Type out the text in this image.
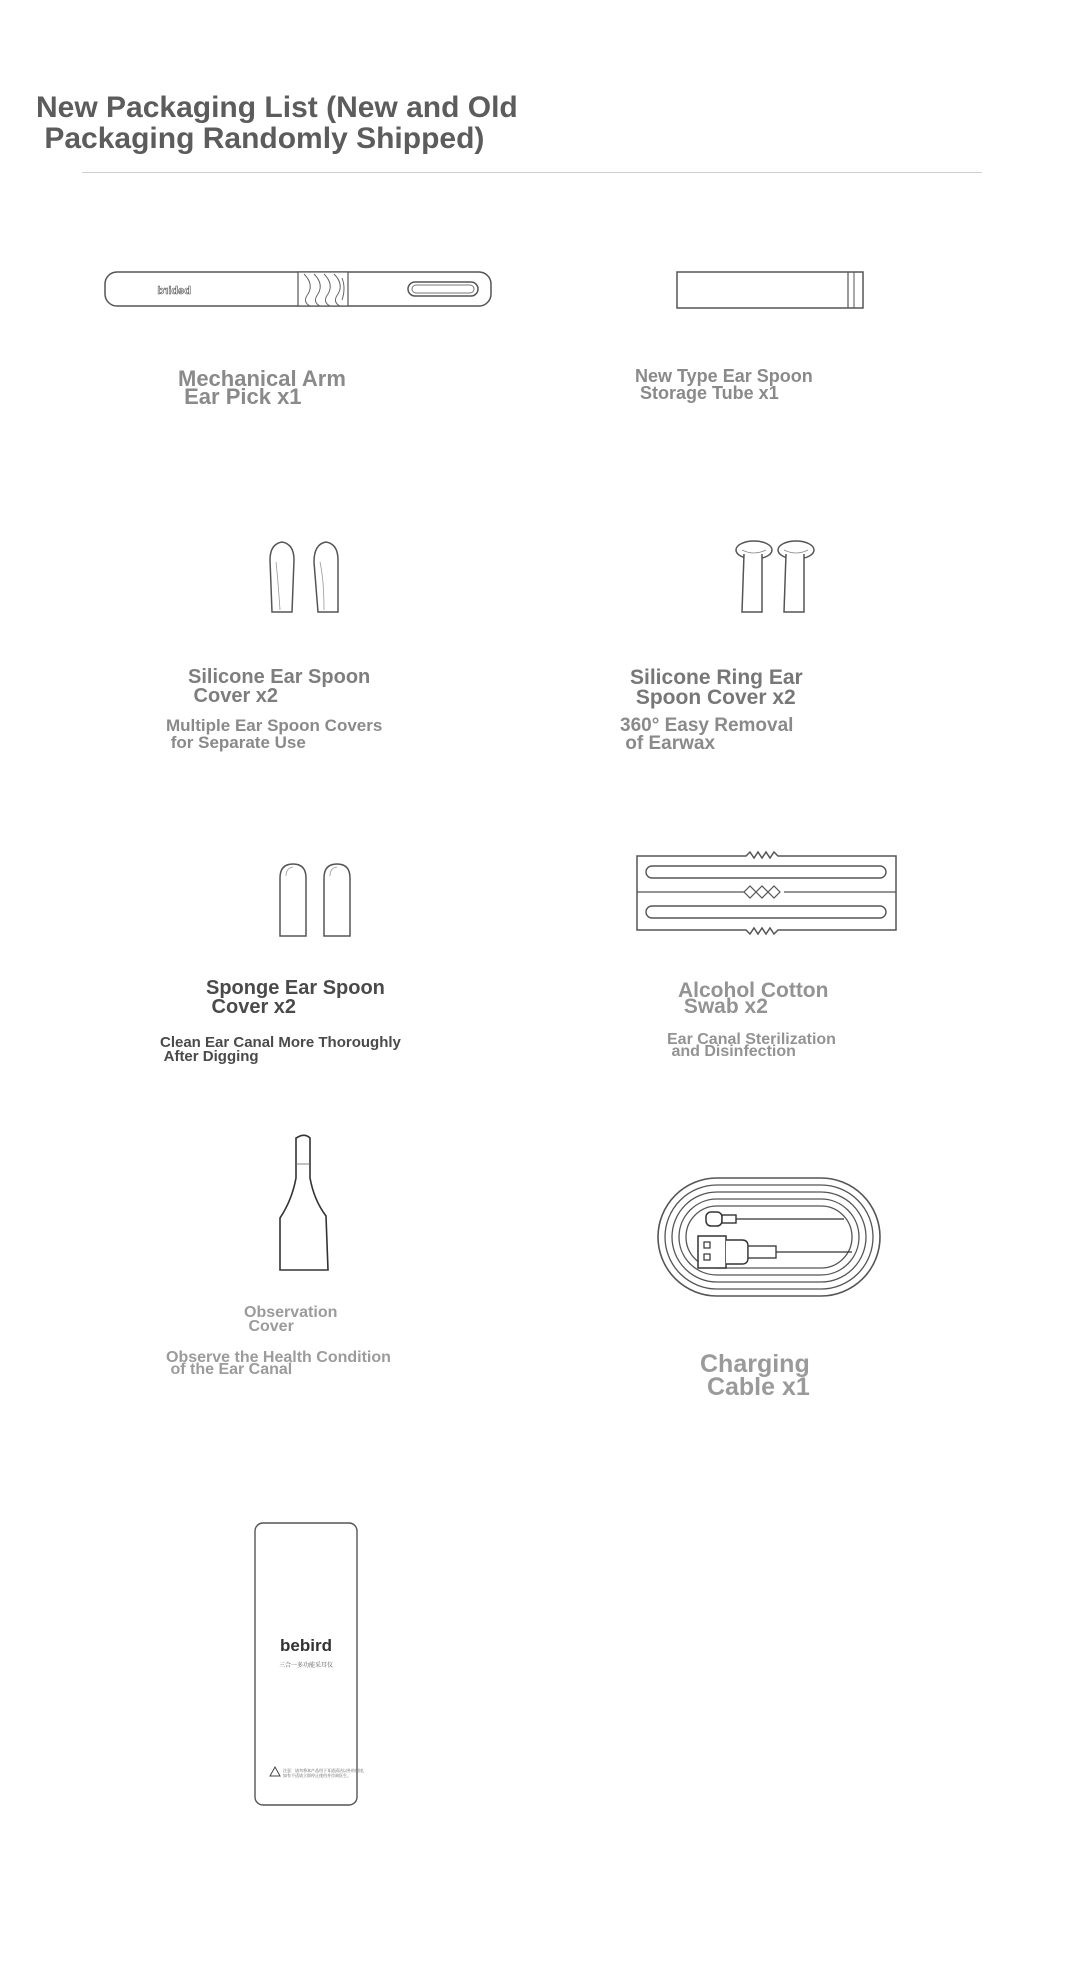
New Packaging List (New and Old
Packaging Randomly Shipped)
bebird

Mechanical Arm
Ear Pick x1

New Type Ear Spoon
Storage Tube x1

Silicone Ear Spoon
Cover x2

Multiple Ear Spoon Covers
for Separate Use

Silicone Ring Ear
Spoon Cover x2

360° Easy Removal
of Earwax

Sponge Ear Spoon
Cover x2

Clean Ear Canal More Thoroughly
After Digging

Alcohol Cotton
Swab x2

Ear Canal Sterilization
and Disinfection

Observation
Cover

Observe the Health Condition
of the Ear Canal	Charging
Cable x1

bebird
三合一多功能采耳仪
注意：请勿将本产品用于耳道清洁以外的用途，
如有不适请立即停止使用并咨询医生。
